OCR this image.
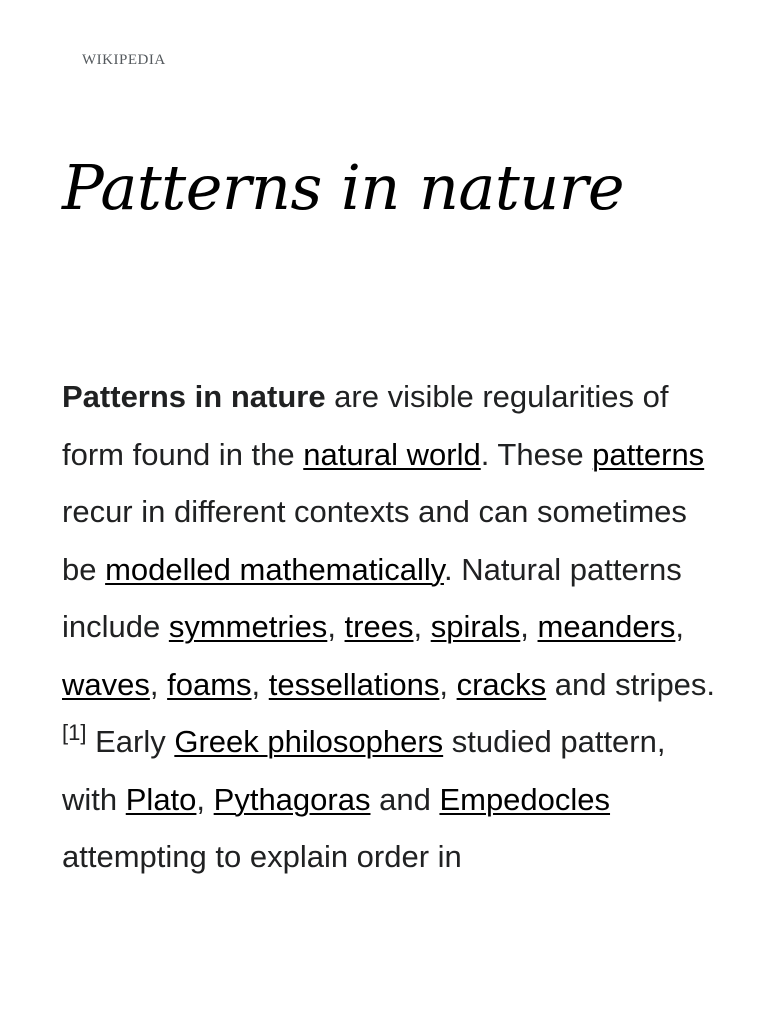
wikipedia
Patterns in nature

Patterns in nature are visible regularities of form found in the natural world. These patterns recur in different contexts and can sometimes be modelled mathematically. Natural patterns include symmetries, trees, spirals, meanders, waves, foams, tessellations, cracks and stripes.[1] Early Greek philosophers studied pattern, with Plato, Pythagoras and Empedocles attempting to explain order in
